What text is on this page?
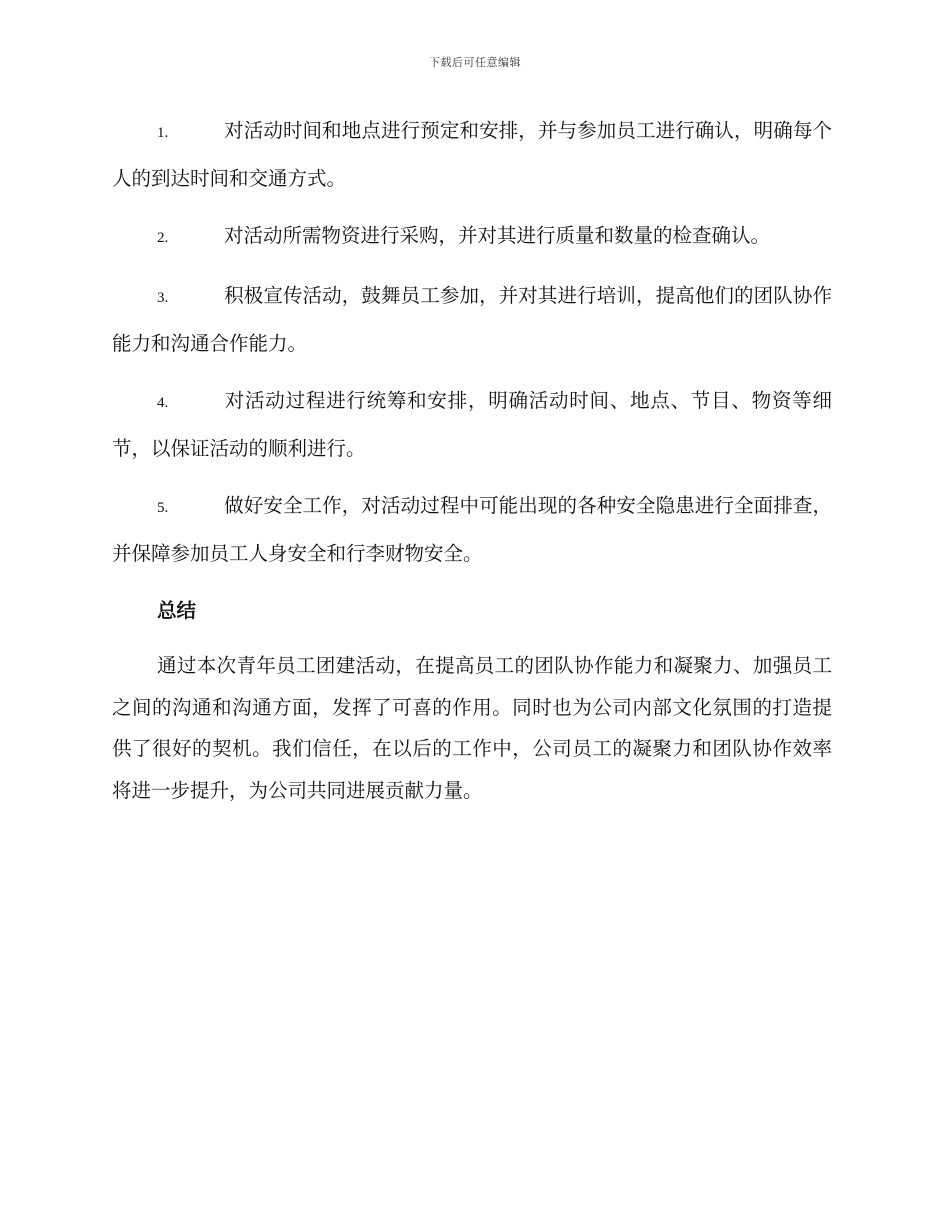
下载后可任意编辑

1.	对活动时间和地点进行预定和安排，并与参加员工进行确认，明确每个人的到达时间和交通方式。

2.	对活动所需物资进行采购，并对其进行质量和数量的检查确认。

3.	积极宣传活动，鼓舞员工参加，并对其进行培训，提高他们的团队协作能力和沟通合作能力。

4.	对活动过程进行统筹和安排，明确活动时间、地点、节目、物资等细节，以保证活动的顺利进行。

5.	做好安全工作，对活动过程中可能出现的各种安全隐患进行全面排查，并保障参加员工人身安全和行李财物安全。

总结

通过本次青年员工团建活动，在提高员工的团队协作能力和凝聚力、加强员工之间的沟通和沟通方面，发挥了可喜的作用。同时也为公司内部文化氛围的打造提供了很好的契机。我们信任，在以后的工作中，公司员工的凝聚力和团队协作效率将进一步提升，为公司共同进展贡献力量。
